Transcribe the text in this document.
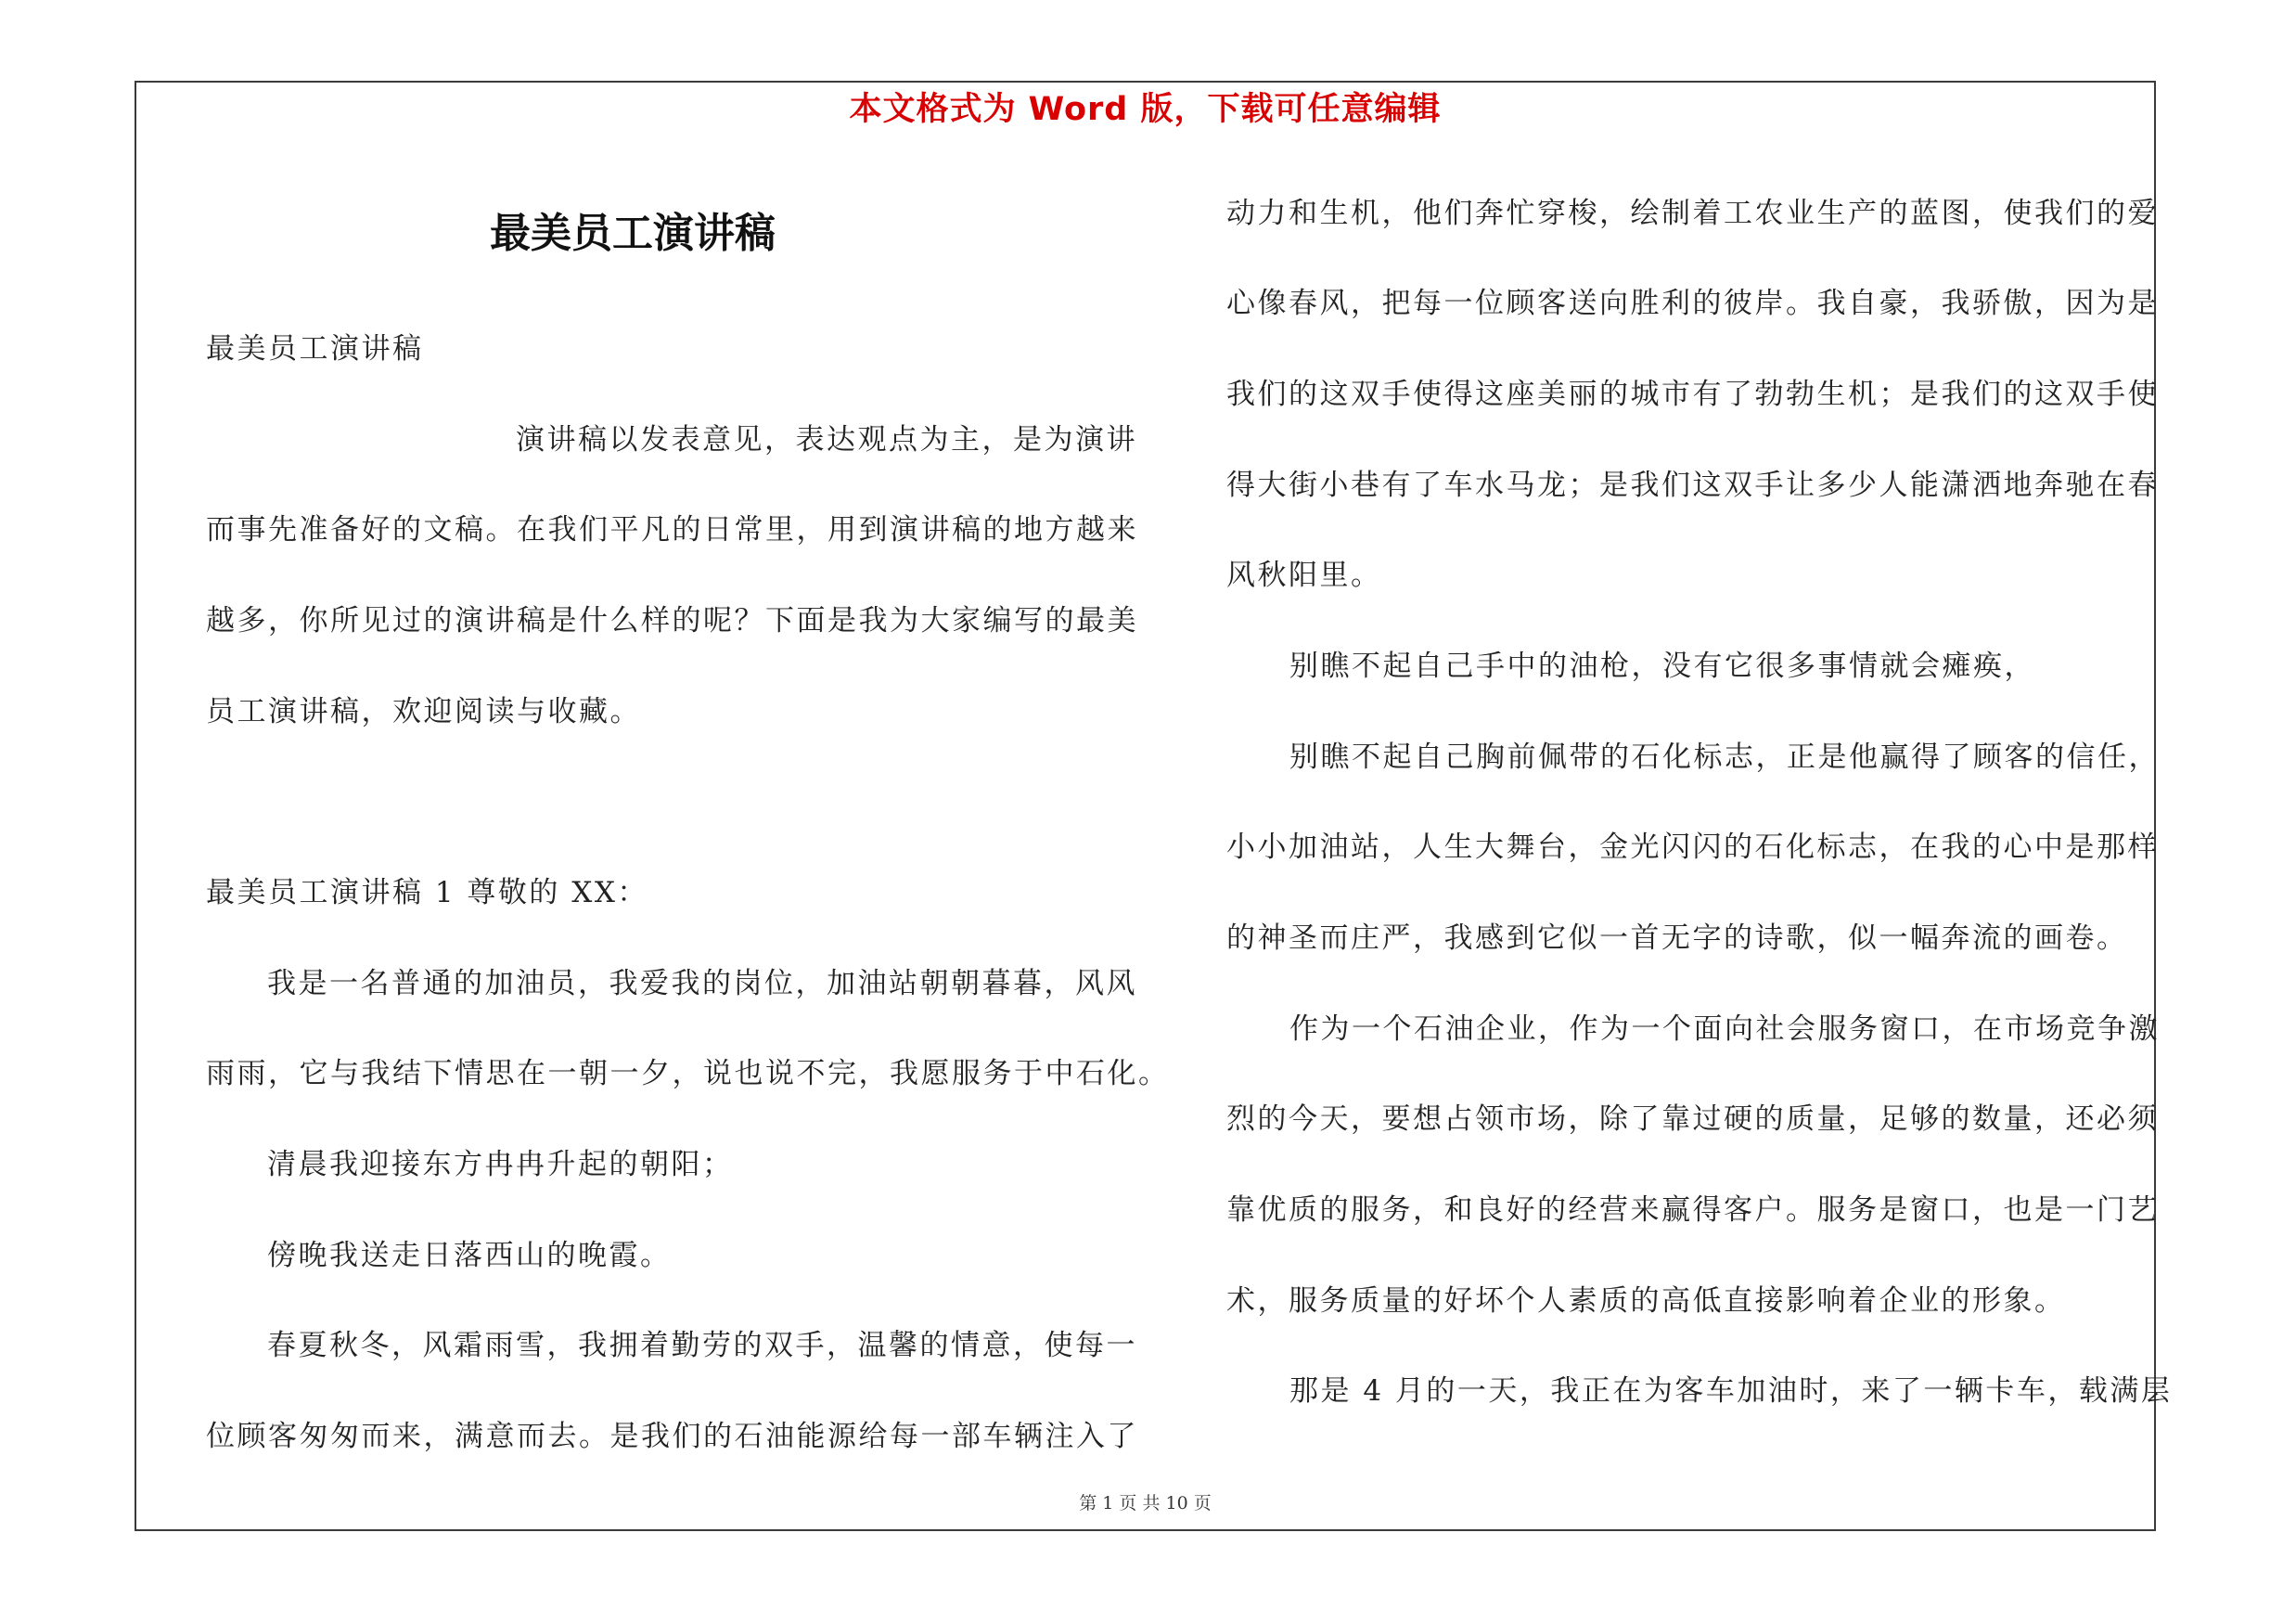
本文格式为 Word 版，下载可任意编辑
最美员工演讲稿
最美员工演讲稿
演讲稿以发表意见，表达观点为主，是为演讲
而事先准备好的文稿。在我们平凡的日常里，用到演讲稿的地方越来
越多，你所见过的演讲稿是什么样的呢？下面是我为大家编写的最美
员工演讲稿，欢迎阅读与收藏。
最美员工演讲稿 1 尊敬的 XX：
我是一名普通的加油员，我爱我的岗位，加油站朝朝暮暮，风风
雨雨，它与我结下情思在一朝一夕，说也说不完，我愿服务于中石化。
清晨我迎接东方冉冉升起的朝阳；
傍晚我送走日落西山的晚霞。
春夏秋冬，风霜雨雪，我拥着勤劳的双手，温馨的情意，使每一
位顾客匆匆而来，满意而去。是我们的石油能源给每一部车辆注入了
动力和生机，他们奔忙穿梭，绘制着工农业生产的蓝图，使我们的爱
心像春风，把每一位顾客送向胜利的彼岸。我自豪，我骄傲，因为是
我们的这双手使得这座美丽的城市有了勃勃生机；是我们的这双手使
得大街小巷有了车水马龙；是我们这双手让多少人能潇洒地奔驰在春
风秋阳里。
别瞧不起自己手中的油枪，没有它很多事情就会瘫痪，
别瞧不起自己胸前佩带的石化标志，正是他赢得了顾客的信任，
小小加油站，人生大舞台，金光闪闪的石化标志，在我的心中是那样
的神圣而庄严，我感到它似一首无字的诗歌，似一幅奔流的画卷。
作为一个石油企业，作为一个面向社会服务窗口，在市场竞争激
烈的今天，要想占领市场，除了靠过硬的质量，足够的数量，还必须
靠优质的服务，和良好的经营来赢得客户。服务是窗口，也是一门艺
术，服务质量的好坏个人素质的高低直接影响着企业的形象。
那是 4 月的一天，我正在为客车加油时，来了一辆卡车，载满层
第 1 页 共 10 页
